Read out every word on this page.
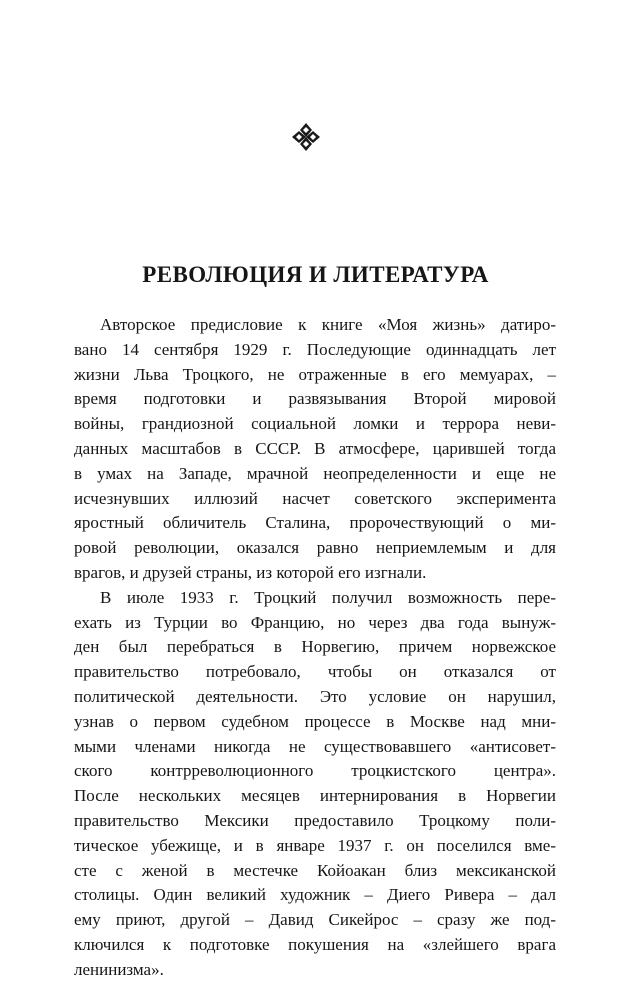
РЕВОЛЮЦИЯ И ЛИТЕРАТУРА
Авторское предисловие к книге «Моя жизнь» датиро-
вано 14 сентября 1929 г. Последующие одиннадцать лет
жизни Льва Троцкого, не отраженные в его мемуарах, –
время подготовки и развязывания Второй мировой
войны, грандиозной социальной ломки и террора неви-
данных масштабов в СССР. В атмосфере, царившей тогда
в умах на Западе, мрачной неопределенности и еще не
исчезнувших иллюзий насчет советского эксперимента
яростный обличитель Сталина, пророчествующий о ми-
ровой революции, оказался равно неприемлемым и для
врагов, и друзей страны, из которой его изгнали.
В июле 1933 г. Троцкий получил возможность пере-
ехать из Турции во Францию, но через два года вынуж-
ден был перебраться в Норвегию, причем норвежское
правительство потребовало, чтобы он отказался от
политической деятельности. Это условие он нарушил,
узнав о первом судебном процессе в Москве над мни-
мыми членами никогда не существовавшего «антисовет-
ского контрреволюционного троцкистского центра».
После нескольких месяцев интернирования в Норвегии
правительство Мексики предоставило Троцкому поли-
тическое убежище, и в январе 1937 г. он поселился вме-
сте с женой в местечке Койоакан близ мексиканской
столицы. Один великий художник – Диего Ривера – дал
ему приют, другой – Давид Сикейрос – сразу же под-
ключился к подготовке покушения на «злейшего врага
ленинизма».
